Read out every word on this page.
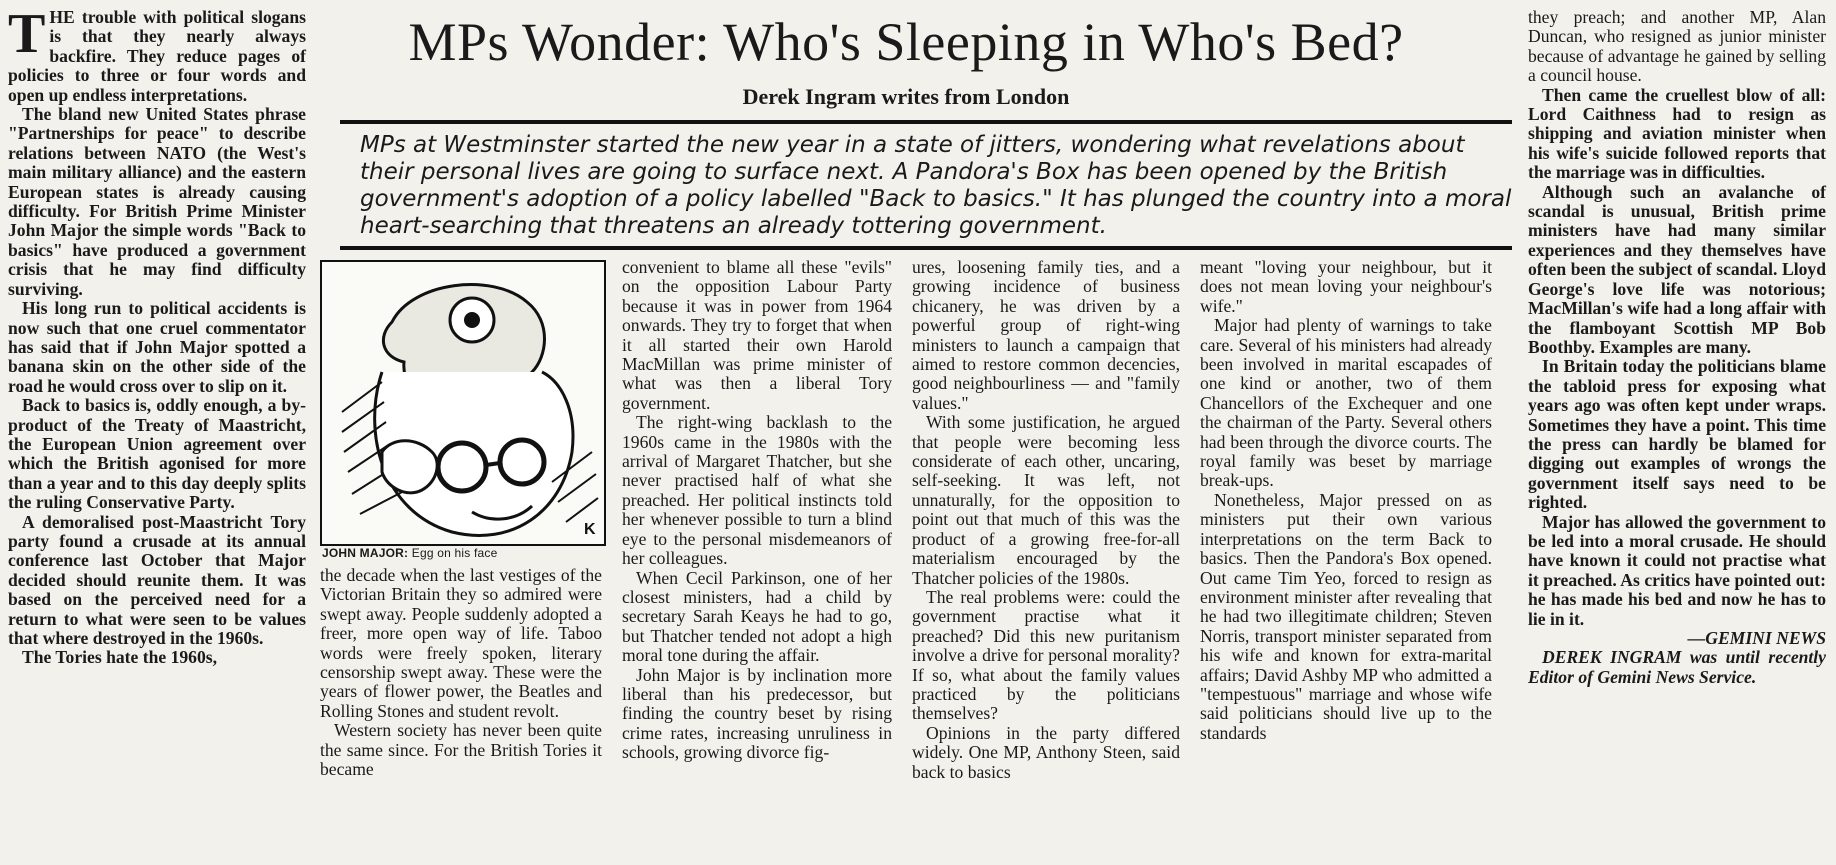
THE trouble with political slogans is that they nearly always backfire. They reduce pages of policies to three or four words and open up endless interpretations.

The bland new United States phrase "Partnerships for peace" to describe relations between NATO (the West's main military alliance) and the eastern European states is already causing difficulty. For British Prime Minister John Major the simple words "Back to basics" have produced a government crisis that he may find difficulty surviving.

His long run to political accidents is now such that one cruel commentator has said that if John Major spotted a banana skin on the other side of the road he would cross over to slip on it.

Back to basics is, oddly enough, a by-product of the Treaty of Maastricht, the European Union agreement over which the British agonised for more than a year and to this day deeply splits the ruling Conservative Party.

A demoralised post-Maastricht Tory party found a crusade at its annual conference last October that Major decided should reunite them. It was based on the perceived need for a return to what were seen to be values that where destroyed in the 1960s.

The Tories hate the 1960s,

MPs Wonder: Who's Sleeping in Who's Bed?
Derek Ingram writes from London
MPs at Westminster started the new year in a state of jitters, wondering what revelations about their personal lives are going to surface next. A Pandora's Box has been opened by the British government's adoption of a policy labelled "Back to basics." It has plunged the country into a moral heart-searching that threatens an already tottering government.
K
JOHN MAJOR: Egg on his face

the decade when the last vestiges of the Victorian Britain they so admired were swept away. People suddenly adopted a freer, more open way of life. Taboo words were freely spoken, literary censorship swept away. These were the years of flower power, the Beatles and Rolling Stones and student revolt.

Western society has never been quite the same since. For the British Tories it became

convenient to blame all these "evils" on the opposition Labour Party because it was in power from 1964 onwards. They try to forget that when it all started their own Harold MacMillan was prime minister of what was then a liberal Tory government.

The right-wing backlash to the 1960s came in the 1980s with the arrival of Margaret Thatcher, but she never practised half of what she preached. Her political instincts told her whenever possible to turn a blind eye to the personal misdemeanors of her colleagues.

When Cecil Parkinson, one of her closest ministers, had a child by secretary Sarah Keays he had to go, but Thatcher tended not adopt a high moral tone during the affair.

John Major is by inclination more liberal than his predecessor, but finding the country beset by rising crime rates, increasing unruliness in schools, growing divorce fig-

ures, loosening family ties, and a growing incidence of business chicanery, he was driven by a powerful group of right-wing ministers to launch a campaign that aimed to restore common decencies, good neighbourliness — and "family values."

With some justification, he argued that people were becoming less considerate of each other, uncaring, self-seeking. It was left, not unnaturally, for the opposition to point out that much of this was the product of a growing free-for-all materialism encouraged by the Thatcher policies of the 1980s.

The real problems were: could the government practise what it preached? Did this new puritanism involve a drive for personal morality? If so, what about the family values practiced by the politicians themselves?

Opinions in the party differed widely. One MP, Anthony Steen, said back to basics

meant "loving your neighbour, but it does not mean loving your neighbour's wife."

Major had plenty of warnings to take care. Several of his ministers had already been involved in marital escapades of one kind or another, two of them Chancellors of the Exchequer and one the chairman of the Party. Several others had been through the divorce courts. The royal family was beset by marriage break-ups.

Nonetheless, Major pressed on as ministers put their own various interpretations on the term Back to basics. Then the Pandora's Box opened. Out came Tim Yeo, forced to resign as environment minister after revealing that he had two illegitimate children; Steven Norris, transport minister separated from his wife and known for extra-marital affairs; David Ashby MP who admitted a "tempestuous" marriage and whose wife said politicians should live up to the standards

they preach; and another MP, Alan Duncan, who resigned as junior minister because of advantage he gained by selling a council house.

Then came the cruellest blow of all: Lord Caithness had to resign as shipping and aviation minister when his wife's suicide followed reports that the marriage was in difficulties.

Although such an avalanche of scandal is unusual, British prime ministers have had many similar experiences and they themselves have often been the subject of scandal. Lloyd George's love life was notorious; MacMillan's wife had a long affair with the flamboyant Scottish MP Bob Boothby. Examples are many.

In Britain today the politicians blame the tabloid press for exposing what years ago was often kept under wraps. Sometimes they have a point. This time the press can hardly be blamed for digging out examples of wrongs the government itself says need to be righted.

Major has allowed the government to be led into a moral crusade. He should have known it could not practise what it preached. As critics have pointed out: he has made his bed and now he has to lie in it.

—GEMINI NEWS

DEREK INGRAM was until recently Editor of Gemini News Service.
